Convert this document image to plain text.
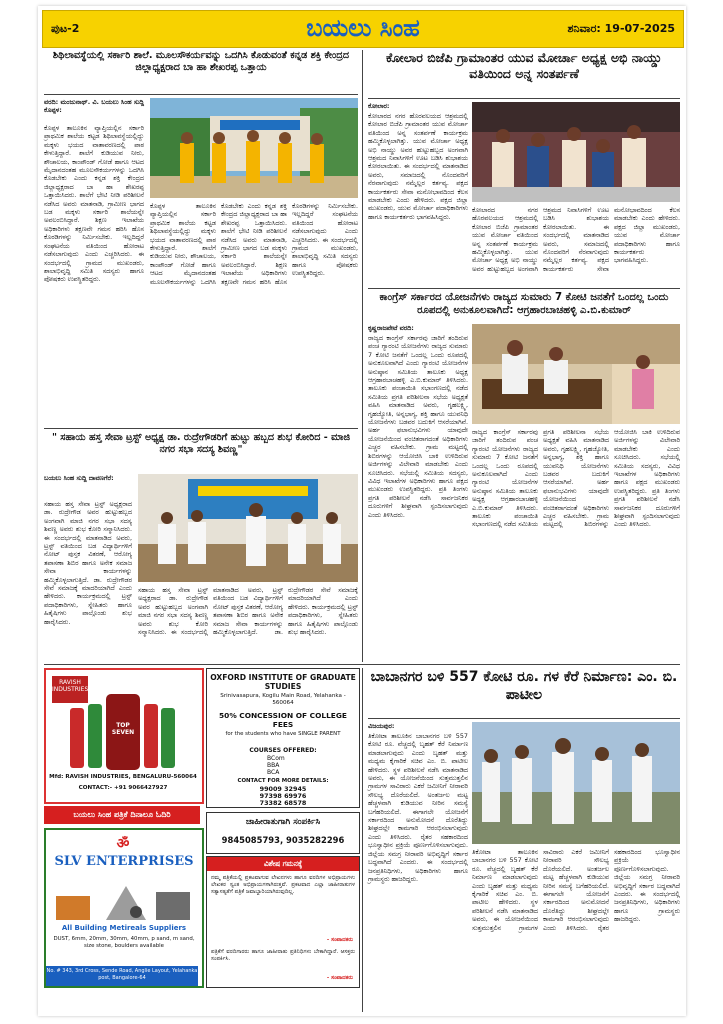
ಪುಟ-2	ಬಯಲು ಸಿಂಹ	ಶನಿವಾರ: 19-07-2025
ಶಿಥಿಲಾವಸ್ಥೆಯಲ್ಲಿ ಸರ್ಕಾರಿ ಶಾಲೆ. ಮೂಲಸೌಕರ್ಯವನ್ನು ಒದಗಿಸಿ ಕೊಡುವಂತೆ ಕನ್ನಡ ಶಕ್ತಿ ಕೇಂದ್ರದ ಜಿಲ್ಲಾಧ್ಯಕ್ಷರಾದ ಬಾ ಹಾ ಶೇಖರಪ್ಪ ಒತ್ತಾಯ
ವರದಿ: ಮಂಜುನಾಥ್. ವಿ. ಬಯಲು ಸಿಂಹ ಸುದ್ದಿ ಕೊಪ್ಪಳ:
ಕೊಪ್ಪಳ ತಾಲೂಕಿನ ವ್ಯಾಪ್ತಿಯಲ್ಲಿನ ಸರ್ಕಾರಿ ಪ್ರಾಥಮಿಕ ಶಾಲೆಯ ಕಟ್ಟಡ ಶಿಥಿಲಾವಸ್ಥೆಯಲ್ಲಿದ್ದು ಮಕ್ಕಳು ಭಯದ ವಾತಾವರಣದಲ್ಲಿ ಪಾಠ ಕೇಳುತ್ತಿದ್ದಾರೆ. ಶಾಲೆಗೆ ಕುಡಿಯುವ ನೀರು, ಶೌಚಾಲಯ, ಕಾಂಪೌಂಡ್ ಗೋಡೆ ಹಾಗೂ ಆಟದ ಮೈದಾನದಂತಹ ಮೂಲಸೌಕರ್ಯಗಳನ್ನು ಒದಗಿಸಿ ಕೊಡಬೇಕು ಎಂದು ಕನ್ನಡ ಶಕ್ತಿ ಕೇಂದ್ರದ ಜಿಲ್ಲಾಧ್ಯಕ್ಷರಾದ ಬಾ ಹಾ ಶೇಖರಪ್ಪ ಒತ್ತಾಯಿಸಿದರು. ಶಾಲೆಗೆ ಭೇಟಿ ನೀಡಿ ಪರಿಶೀಲನೆ ನಡೆಸಿದ ಅವರು ಮಾತನಾಡಿ, ಗ್ರಾಮೀಣ ಭಾಗದ ಬಡ ಮಕ್ಕಳು ಸರ್ಕಾರಿ ಶಾಲೆಯನ್ನೇ ಅವಲಂಬಿಸಿದ್ದಾರೆ. ಶಿಕ್ಷಣ ಇಲಾಖೆಯ ಅಧಿಕಾರಿಗಳು ತಕ್ಷಣವೇ ಗಮನ ಹರಿಸಿ ಹೊಸ ಕೊಠಡಿಗಳನ್ನು ನಿರ್ಮಿಸಬೇಕು. ಇಲ್ಲದಿದ್ದರೆ ಸಂಘಟನೆಯ ವತಿಯಿಂದ ಹೋರಾಟ ನಡೆಸಲಾಗುವುದು ಎಂದು ಎಚ್ಚರಿಸಿದರು. ಈ ಸಂದರ್ಭದಲ್ಲಿ ಗ್ರಾಮದ ಮುಖಂಡರು, ಶಾಲಾಭಿವೃದ್ಧಿ ಸಮಿತಿ ಸದಸ್ಯರು ಹಾಗೂ ಪೋಷಕರು ಉಪಸ್ಥಿತರಿದ್ದರು.
ಕೊಪ್ಪಳ ತಾಲೂಕಿನ ವ್ಯಾಪ್ತಿಯಲ್ಲಿನ ಸರ್ಕಾರಿ ಪ್ರಾಥಮಿಕ ಶಾಲೆಯ ಕಟ್ಟಡ ಶಿಥಿಲಾವಸ್ಥೆಯಲ್ಲಿದ್ದು ಮಕ್ಕಳು ಭಯದ ವಾತಾವರಣದಲ್ಲಿ ಪಾಠ ಕೇಳುತ್ತಿದ್ದಾರೆ. ಶಾಲೆಗೆ ಕುಡಿಯುವ ನೀರು, ಶೌಚಾಲಯ, ಕಾಂಪೌಂಡ್ ಗೋಡೆ ಹಾಗೂ ಆಟದ ಮೈದಾನದಂತಹ ಮೂಲಸೌಕರ್ಯಗಳನ್ನು ಒದಗಿಸಿ ಕೊಡಬೇಕು ಎಂದು ಕನ್ನಡ ಶಕ್ತಿ ಕೇಂದ್ರದ ಜಿಲ್ಲಾಧ್ಯಕ್ಷರಾದ ಬಾ ಹಾ ಶೇಖರಪ್ಪ ಒತ್ತಾಯಿಸಿದರು. ಶಾಲೆಗೆ ಭೇಟಿ ನೀಡಿ ಪರಿಶೀಲನೆ ನಡೆಸಿದ ಅವರು ಮಾತನಾಡಿ, ಗ್ರಾಮೀಣ ಭಾಗದ ಬಡ ಮಕ್ಕಳು ಸರ್ಕಾರಿ ಶಾಲೆಯನ್ನೇ ಅವಲಂಬಿಸಿದ್ದಾರೆ. ಶಿಕ್ಷಣ ಇಲಾಖೆಯ ಅಧಿಕಾರಿಗಳು ತಕ್ಷಣವೇ ಗಮನ ಹರಿಸಿ ಹೊಸ ಕೊಠಡಿಗಳನ್ನು ನಿರ್ಮಿಸಬೇಕು. ಇಲ್ಲದಿದ್ದರೆ ಸಂಘಟನೆಯ ವತಿಯಿಂದ ಹೋರಾಟ ನಡೆಸಲಾಗುವುದು ಎಂದು ಎಚ್ಚರಿಸಿದರು. ಈ ಸಂದರ್ಭದಲ್ಲಿ ಗ್ರಾಮದ ಮುಖಂಡರು, ಶಾಲಾಭಿವೃದ್ಧಿ ಸಮಿತಿ ಸದಸ್ಯರು ಹಾಗೂ ಪೋಷಕರು ಉಪಸ್ಥಿತರಿದ್ದರು.
ಕೋಲಾರ ಬಿಜೆಪಿ ಗ್ರಾಮಾಂತರ ಯುವ ಮೋರ್ಚಾ ಅಧ್ಯಕ್ಷ ಅಭಿ ನಾಯ್ಡು ವತಿಯಿಂದ ಅನ್ನ ಸಂತರ್ಪಣೆ
ಕೋಲಾರ:
ಕೋಲಾರದ ನಗರ ಹೊರವಲಯದ ಆಶ್ರಮದಲ್ಲಿ ಕೋಲಾರ ಬಿಜೆಪಿ ಗ್ರಾಮಾಂತರ ಯುವ ಮೋರ್ಚಾ ವತಿಯಿಂದ ಅನ್ನ ಸಂತರ್ಪಣೆ ಕಾರ್ಯಕ್ರಮ ಹಮ್ಮಿಕೊಳ್ಳಲಾಗಿತ್ತು. ಯುವ ಮೋರ್ಚಾ ಅಧ್ಯಕ್ಷ ಅಭಿ ನಾಯ್ಡು ಅವರ ಹುಟ್ಟುಹಬ್ಬದ ಅಂಗವಾಗಿ ಆಶ್ರಮದ ನಿವಾಸಿಗಳಿಗೆ ಊಟ ಬಡಿಸಿ ಶುಭಾಶಯ ಕೋರಲಾಯಿತು. ಈ ಸಂದರ್ಭದಲ್ಲಿ ಮಾತನಾಡಿದ ಅವರು, ಸಮಾಜದಲ್ಲಿ ನೊಂದವರಿಗೆ ನೆರವಾಗುವುದು ನಮ್ಮೆಲ್ಲರ ಕರ್ತವ್ಯ. ಪಕ್ಷದ ಕಾರ್ಯಕರ್ತರು ಸೇವಾ ಮನೋಭಾವದಿಂದ ಕೆಲಸ ಮಾಡಬೇಕು ಎಂದು ಹೇಳಿದರು. ಪಕ್ಷದ ಜಿಲ್ಲಾ ಮುಖಂಡರು, ಯುವ ಮೋರ್ಚಾ ಪದಾಧಿಕಾರಿಗಳು ಹಾಗೂ ಕಾರ್ಯಕರ್ತರು ಭಾಗವಹಿಸಿದ್ದರು.
ಕೋಲಾರದ ನಗರ ಹೊರವಲಯದ ಆಶ್ರಮದಲ್ಲಿ ಕೋಲಾರ ಬಿಜೆಪಿ ಗ್ರಾಮಾಂತರ ಯುವ ಮೋರ್ಚಾ ವತಿಯಿಂದ ಅನ್ನ ಸಂತರ್ಪಣೆ ಕಾರ್ಯಕ್ರಮ ಹಮ್ಮಿಕೊಳ್ಳಲಾಗಿತ್ತು. ಯುವ ಮೋರ್ಚಾ ಅಧ್ಯಕ್ಷ ಅಭಿ ನಾಯ್ಡು ಅವರ ಹುಟ್ಟುಹಬ್ಬದ ಅಂಗವಾಗಿ ಆಶ್ರಮದ ನಿವಾಸಿಗಳಿಗೆ ಊಟ ಬಡಿಸಿ ಶುಭಾಶಯ ಕೋರಲಾಯಿತು. ಈ ಸಂದರ್ಭದಲ್ಲಿ ಮಾತನಾಡಿದ ಅವರು, ಸಮಾಜದಲ್ಲಿ ನೊಂದವರಿಗೆ ನೆರವಾಗುವುದು ನಮ್ಮೆಲ್ಲರ ಕರ್ತವ್ಯ. ಪಕ್ಷದ ಕಾರ್ಯಕರ್ತರು ಸೇವಾ ಮನೋಭಾವದಿಂದ ಕೆಲಸ ಮಾಡಬೇಕು ಎಂದು ಹೇಳಿದರು. ಪಕ್ಷದ ಜಿಲ್ಲಾ ಮುಖಂಡರು, ಯುವ ಮೋರ್ಚಾ ಪದಾಧಿಕಾರಿಗಳು ಹಾಗೂ ಕಾರ್ಯಕರ್ತರು ಭಾಗವಹಿಸಿದ್ದರು.
ಕಾಂಗ್ರೆಸ್ ಸರ್ಕಾರದ ಯೋಜನೆಗಳು ರಾಜ್ಯದ ಸುಮಾರು 7 ಕೋಟಿ ಜನತೆಗೆ ಒಂದಲ್ಲ ಒಂದು ರೂಪದಲ್ಲಿ ಅನುಕೂಲವಾಗಿದೆ: ಆಗ್ರಹಾರಬಾಚಹಳ್ಳಿ ಎ.ಬಿ.ಕುಮಾರ್
ಕೃಷ್ಣರಾಜಪೇಟೆ ವರದಿ:
ರಾಜ್ಯದ ಕಾಂಗ್ರೆಸ್ ಸರ್ಕಾರವು ಜಾರಿಗೆ ತಂದಿರುವ ಪಂಚ ಗ್ಯಾರಂಟಿ ಯೋಜನೆಗಳು ರಾಜ್ಯದ ಸುಮಾರು 7 ಕೋಟಿ ಜನತೆಗೆ ಒಂದಲ್ಲ ಒಂದು ರೂಪದಲ್ಲಿ ಅನುಕೂಲವಾಗಿದೆ ಎಂದು ಗ್ಯಾರಂಟಿ ಯೋಜನೆಗಳ ಅನುಷ್ಠಾನ ಸಮಿತಿಯ ತಾಲೂಕು ಅಧ್ಯಕ್ಷ ಆಗ್ರಹಾರಬಾಚಹಳ್ಳಿ ಎ.ಬಿ.ಕುಮಾರ್ ತಿಳಿಸಿದರು. ತಾಲೂಕು ಪಂಚಾಯಿತಿ ಸಭಾಂಗಣದಲ್ಲಿ ನಡೆದ ಸಮಿತಿಯ ಪ್ರಗತಿ ಪರಿಶೀಲನಾ ಸಭೆಯ ಅಧ್ಯಕ್ಷತೆ ವಹಿಸಿ ಮಾತನಾಡಿದ ಅವರು, ಗೃಹಲಕ್ಷ್ಮಿ, ಗೃಹಜ್ಯೋತಿ, ಅನ್ನಭಾಗ್ಯ, ಶಕ್ತಿ ಹಾಗೂ ಯುವನಿಧಿ ಯೋಜನೆಗಳು ಬಡವರ ಬದುಕಿಗೆ ಆಸರೆಯಾಗಿವೆ. ಅರ್ಹ ಫಲಾನುಭವಿಗಳು ಯಾವುದೇ ಯೋಜನೆಯಿಂದ ವಂಚಿತರಾಗದಂತೆ ಅಧಿಕಾರಿಗಳು ಎಚ್ಚರ ವಹಿಸಬೇಕು. ಗ್ರಾಮ ಮಟ್ಟದಲ್ಲಿ ಶಿಬಿರಗಳನ್ನು ಆಯೋಜಿಸಿ ಬಾಕಿ ಉಳಿದಿರುವ ಅರ್ಜಿಗಳನ್ನು ವಿಲೇವಾರಿ ಮಾಡಬೇಕು ಎಂದು ಸೂಚಿಸಿದರು. ಸಭೆಯಲ್ಲಿ ಸಮಿತಿಯ ಸದಸ್ಯರು, ವಿವಿಧ ಇಲಾಖೆಗಳ ಅಧಿಕಾರಿಗಳು ಹಾಗೂ ಪಕ್ಷದ ಮುಖಂಡರು ಉಪಸ್ಥಿತರಿದ್ದರು. ಪ್ರತಿ ತಿಂಗಳು ಪ್ರಗತಿ ಪರಿಶೀಲನೆ ನಡೆಸಿ ಸಾರ್ವಜನಿಕರ ದೂರುಗಳಿಗೆ ಶೀಘ್ರವಾಗಿ ಸ್ಪಂದಿಸಲಾಗುವುದು ಎಂದು ತಿಳಿಸಿದರು.
ರಾಜ್ಯದ ಕಾಂಗ್ರೆಸ್ ಸರ್ಕಾರವು ಜಾರಿಗೆ ತಂದಿರುವ ಪಂಚ ಗ್ಯಾರಂಟಿ ಯೋಜನೆಗಳು ರಾಜ್ಯದ ಸುಮಾರು 7 ಕೋಟಿ ಜನತೆಗೆ ಒಂದಲ್ಲ ಒಂದು ರೂಪದಲ್ಲಿ ಅನುಕೂಲವಾಗಿದೆ ಎಂದು ಗ್ಯಾರಂಟಿ ಯೋಜನೆಗಳ ಅನುಷ್ಠಾನ ಸಮಿತಿಯ ತಾಲೂಕು ಅಧ್ಯಕ್ಷ ಆಗ್ರಹಾರಬಾಚಹಳ್ಳಿ ಎ.ಬಿ.ಕುಮಾರ್ ತಿಳಿಸಿದರು. ತಾಲೂಕು ಪಂಚಾಯಿತಿ ಸಭಾಂಗಣದಲ್ಲಿ ನಡೆದ ಸಮಿತಿಯ ಪ್ರಗತಿ ಪರಿಶೀಲನಾ ಸಭೆಯ ಅಧ್ಯಕ್ಷತೆ ವಹಿಸಿ ಮಾತನಾಡಿದ ಅವರು, ಗೃಹಲಕ್ಷ್ಮಿ, ಗೃಹಜ್ಯೋತಿ, ಅನ್ನಭಾಗ್ಯ, ಶಕ್ತಿ ಹಾಗೂ ಯುವನಿಧಿ ಯೋಜನೆಗಳು ಬಡವರ ಬದುಕಿಗೆ ಆಸರೆಯಾಗಿವೆ. ಅರ್ಹ ಫಲಾನುಭವಿಗಳು ಯಾವುದೇ ಯೋಜನೆಯಿಂದ ವಂಚಿತರಾಗದಂತೆ ಅಧಿಕಾರಿಗಳು ಎಚ್ಚರ ವಹಿಸಬೇಕು. ಗ್ರಾಮ ಮಟ್ಟದಲ್ಲಿ ಶಿಬಿರಗಳನ್ನು ಆಯೋಜಿಸಿ ಬಾಕಿ ಉಳಿದಿರುವ ಅರ್ಜಿಗಳನ್ನು ವಿಲೇವಾರಿ ಮಾಡಬೇಕು ಎಂದು ಸೂಚಿಸಿದರು. ಸಭೆಯಲ್ಲಿ ಸಮಿತಿಯ ಸದಸ್ಯರು, ವಿವಿಧ ಇಲಾಖೆಗಳ ಅಧಿಕಾರಿಗಳು ಹಾಗೂ ಪಕ್ಷದ ಮುಖಂಡರು ಉಪಸ್ಥಿತರಿದ್ದರು. ಪ್ರತಿ ತಿಂಗಳು ಪ್ರಗತಿ ಪರಿಶೀಲನೆ ನಡೆಸಿ ಸಾರ್ವಜನಿಕರ ದೂರುಗಳಿಗೆ ಶೀಘ್ರವಾಗಿ ಸ್ಪಂದಿಸಲಾಗುವುದು ಎಂದು ತಿಳಿಸಿದರು.
" ಸಹಾಯ ಹಸ್ತ ಸೇವಾ ಟ್ರಸ್ಟ್ ಅಧ್ಯಕ್ಷ ಡಾ. ರುದ್ರೇಗೌಡರಿಗೆ ಹುಟ್ಟು ಹಬ್ಬದ ಶುಭ ಕೋರಿದ - ಮಾಜಿ ನಗರ ಸಭಾ ಸದಸ್ಯ ಶಿವಣ್ಣ"
ಬಯಲು ಸಿಂಹ ಸುದ್ದಿ ದಾವಣಗೆರೆ:
ಸಹಾಯ ಹಸ್ತ ಸೇವಾ ಟ್ರಸ್ಟ್ ಅಧ್ಯಕ್ಷರಾದ ಡಾ. ರುದ್ರೇಗೌಡ ಅವರ ಹುಟ್ಟುಹಬ್ಬದ ಅಂಗವಾಗಿ ಮಾಜಿ ನಗರ ಸಭಾ ಸದಸ್ಯ ಶಿವಣ್ಣ ಅವರು ಶುಭ ಕೋರಿ ಸನ್ಮಾನಿಸಿದರು. ಈ ಸಂದರ್ಭದಲ್ಲಿ ಮಾತನಾಡಿದ ಅವರು, ಟ್ರಸ್ಟ್ ವತಿಯಿಂದ ಬಡ ವಿದ್ಯಾರ್ಥಿಗಳಿಗೆ ನೋಟ್ ಪುಸ್ತಕ ವಿತರಣೆ, ಆರೋಗ್ಯ ತಪಾಸಣಾ ಶಿಬಿರ ಹಾಗೂ ಅನೇಕ ಸಮಾಜ ಸೇವಾ ಕಾರ್ಯಗಳನ್ನು ಹಮ್ಮಿಕೊಳ್ಳಲಾಗುತ್ತಿದೆ. ಡಾ. ರುದ್ರೇಗೌಡರ ಸೇವೆ ಸಮಾಜಕ್ಕೆ ಮಾದರಿಯಾಗಿದೆ ಎಂದು ಹೇಳಿದರು. ಕಾರ್ಯಕ್ರಮದಲ್ಲಿ ಟ್ರಸ್ಟ್ ಪದಾಧಿಕಾರಿಗಳು, ಸ್ನೇಹಿತರು ಹಾಗೂ ಹಿತೈಷಿಗಳು ಪಾಲ್ಗೊಂಡು ಶುಭ ಹಾರೈಸಿದರು.
ಸಹಾಯ ಹಸ್ತ ಸೇವಾ ಟ್ರಸ್ಟ್ ಅಧ್ಯಕ್ಷರಾದ ಡಾ. ರುದ್ರೇಗೌಡ ಅವರ ಹುಟ್ಟುಹಬ್ಬದ ಅಂಗವಾಗಿ ಮಾಜಿ ನಗರ ಸಭಾ ಸದಸ್ಯ ಶಿವಣ್ಣ ಅವರು ಶುಭ ಕೋರಿ ಸನ್ಮಾನಿಸಿದರು. ಈ ಸಂದರ್ಭದಲ್ಲಿ ಮಾತನಾಡಿದ ಅವರು, ಟ್ರಸ್ಟ್ ವತಿಯಿಂದ ಬಡ ವಿದ್ಯಾರ್ಥಿಗಳಿಗೆ ನೋಟ್ ಪುಸ್ತಕ ವಿತರಣೆ, ಆರೋಗ್ಯ ತಪಾಸಣಾ ಶಿಬಿರ ಹಾಗೂ ಅನೇಕ ಸಮಾಜ ಸೇವಾ ಕಾರ್ಯಗಳನ್ನು ಹಮ್ಮಿಕೊಳ್ಳಲಾಗುತ್ತಿದೆ. ಡಾ. ರುದ್ರೇಗೌಡರ ಸೇವೆ ಸಮಾಜಕ್ಕೆ ಮಾದರಿಯಾಗಿದೆ ಎಂದು ಹೇಳಿದರು. ಕಾರ್ಯಕ್ರಮದಲ್ಲಿ ಟ್ರಸ್ಟ್ ಪದಾಧಿಕಾರಿಗಳು, ಸ್ನೇಹಿತರು ಹಾಗೂ ಹಿತೈಷಿಗಳು ಪಾಲ್ಗೊಂಡು ಶುಭ ಹಾರೈಸಿದರು.
RAVISH
INDUSTRIES
TOP SEVEN
Mfd: RAVISH INDUSTRIES, BENGALURU-560064
CONTACT:- +91 9066427927
OXFORD INSTITUTE OF GRADUATE STUDIES
Srinivasapura, Kogilu Main Road, Yelahanka - 560064
50% CONCESSION OF COLLEGE FEES
for the students who have SINGLE PARENT
COURSES OFFERED:
BCom
BBA
BCA
CONTACT FOR MORE DETAILS:
99009 32945
97398 69976
73382 68578
ಬಯಲು ಸಿಂಹ ಪತ್ರಿಕೆ ದಿನಾಲೂ ಓದಿರಿ
ॐ
SLV ENTERPRISES
All Building Metireals Suppliers
DUST, 6mm, 20mm, 30mm, 40mm, p sand, m sand, size stone, boulders available
No. # 343, 3rd Cross, Sende Road, Anglie Layout, Yelahanka post, Bangalore-64
ಜಾಹೀರಾತುಗಾಗಿ ಸಂಪರ್ಕಿಸಿ
9845085793, 9035282296
ವಿಶೇಷ ಗಮನಕ್ಕೆ
ನಮ್ಮ ಪತ್ರಿಕೆಯಲ್ಲಿ ಪ್ರಕಟವಾಗುವ ಲೇಖನಗಳು ಹಾಗೂ ವರದಿಗಳ ಅಭಿಪ್ರಾಯಗಳು ಲೇಖಕರ ಸ್ವಂತ ಅಭಿಪ್ರಾಯಗಳಾಗಿರುತ್ತವೆ. ಪ್ರಕಟವಾದ ಎಲ್ಲಾ ಜಾಹೀರಾತುಗಳ ಸತ್ಯಾಸತ್ಯತೆಗೆ ಪತ್ರಿಕೆ ಜವಾಬ್ದಾರಿಯಾಗಿರುವುದಿಲ್ಲ.
- ಸಂಪಾದಕರು
ಪತ್ರಿಕೆಗೆ ವರದಿಗಾರರು ಹಾಗೂ ಜಾಹೀರಾತು ಪ್ರತಿನಿಧಿಗಳು ಬೇಕಾಗಿದ್ದಾರೆ. ಆಸಕ್ತರು ಸಂಪರ್ಕಿಸಿ.
- ಸಂಪಾದಕರು
ಬಾಬಾನಗರ ಬಳಿ 557 ಕೋಟಿ ರೂ. ಗಳ ಕೆರೆ ನಿರ್ಮಾಣ: ಎಂ. ಬಿ. ಪಾಟೀಲ
ವಿಜಯಪುರ:
ತಿಕೋಟಾ ತಾಲೂಕಿನ ಬಾಬಾನಗರ ಬಳಿ 557 ಕೋಟಿ ರೂ. ವೆಚ್ಚದಲ್ಲಿ ಬೃಹತ್ ಕೆರೆ ನಿರ್ಮಾಣ ಮಾಡಲಾಗುವುದು ಎಂದು ಬೃಹತ್ ಮತ್ತು ಮಧ್ಯಮ ಕೈಗಾರಿಕೆ ಸಚಿವ ಎಂ. ಬಿ. ಪಾಟೀಲ ಹೇಳಿದರು. ಸ್ಥಳ ಪರಿಶೀಲನೆ ನಡೆಸಿ ಮಾತನಾಡಿದ ಅವರು, ಈ ಯೋಜನೆಯಿಂದ ಸುತ್ತಮುತ್ತಲಿನ ಗ್ರಾಮಗಳ ಸಾವಿರಾರು ಎಕರೆ ಜಮೀನಿಗೆ ನೀರಾವರಿ ಸೌಲಭ್ಯ ದೊರೆಯಲಿದೆ. ಅಂತರ್ಜಲ ಮಟ್ಟ ಹೆಚ್ಚಳವಾಗಿ ಕುಡಿಯುವ ನೀರಿನ ಸಮಸ್ಯೆ ಬಗೆಹರಿಯಲಿದೆ. ಈಗಾಗಲೇ ಯೋಜನೆಗೆ ಸರ್ಕಾರದಿಂದ ಅನುಮೋದನೆ ದೊರೆತಿದ್ದು ಶೀಘ್ರದಲ್ಲೇ ಕಾಮಗಾರಿ ಆರಂಭಿಸಲಾಗುವುದು ಎಂದು ತಿಳಿಸಿದರು. ರೈತರ ಸಹಕಾರದಿಂದ ಭೂಸ್ವಾಧೀನ ಪ್ರಕ್ರಿಯೆ ಪೂರ್ಣಗೊಳಿಸಲಾಗುವುದು. ಜಿಲ್ಲೆಯ ಸಮಗ್ರ ನೀರಾವರಿ ಅಭಿವೃದ್ಧಿಗೆ ಸರ್ಕಾರ ಬದ್ಧವಾಗಿದೆ ಎಂದರು. ಈ ಸಂದರ್ಭದಲ್ಲಿ ಜನಪ್ರತಿನಿಧಿಗಳು, ಅಧಿಕಾರಿಗಳು ಹಾಗೂ ಗ್ರಾಮಸ್ಥರು ಹಾಜರಿದ್ದರು.
ತಿಕೋಟಾ ತಾಲೂಕಿನ ಬಾಬಾನಗರ ಬಳಿ 557 ಕೋಟಿ ರೂ. ವೆಚ್ಚದಲ್ಲಿ ಬೃಹತ್ ಕೆರೆ ನಿರ್ಮಾಣ ಮಾಡಲಾಗುವುದು ಎಂದು ಬೃಹತ್ ಮತ್ತು ಮಧ್ಯಮ ಕೈಗಾರಿಕೆ ಸಚಿವ ಎಂ. ಬಿ. ಪಾಟೀಲ ಹೇಳಿದರು. ಸ್ಥಳ ಪರಿಶೀಲನೆ ನಡೆಸಿ ಮಾತನಾಡಿದ ಅವರು, ಈ ಯೋಜನೆಯಿಂದ ಸುತ್ತಮುತ್ತಲಿನ ಗ್ರಾಮಗಳ ಸಾವಿರಾರು ಎಕರೆ ಜಮೀನಿಗೆ ನೀರಾವರಿ ಸೌಲಭ್ಯ ದೊರೆಯಲಿದೆ. ಅಂತರ್ಜಲ ಮಟ್ಟ ಹೆಚ್ಚಳವಾಗಿ ಕುಡಿಯುವ ನೀರಿನ ಸಮಸ್ಯೆ ಬಗೆಹರಿಯಲಿದೆ. ಈಗಾಗಲೇ ಯೋಜನೆಗೆ ಸರ್ಕಾರದಿಂದ ಅನುಮೋದನೆ ದೊರೆತಿದ್ದು ಶೀಘ್ರದಲ್ಲೇ ಕಾಮಗಾರಿ ಆರಂಭಿಸಲಾಗುವುದು ಎಂದು ತಿಳಿಸಿದರು. ರೈತರ ಸಹಕಾರದಿಂದ ಭೂಸ್ವಾಧೀನ ಪ್ರಕ್ರಿಯೆ ಪೂರ್ಣಗೊಳಿಸಲಾಗುವುದು. ಜಿಲ್ಲೆಯ ಸಮಗ್ರ ನೀರಾವರಿ ಅಭಿವೃದ್ಧಿಗೆ ಸರ್ಕಾರ ಬದ್ಧವಾಗಿದೆ ಎಂದರು. ಈ ಸಂದರ್ಭದಲ್ಲಿ ಜನಪ್ರತಿನಿಧಿಗಳು, ಅಧಿಕಾರಿಗಳು ಹಾಗೂ ಗ್ರಾಮಸ್ಥರು ಹಾಜರಿದ್ದರು.
